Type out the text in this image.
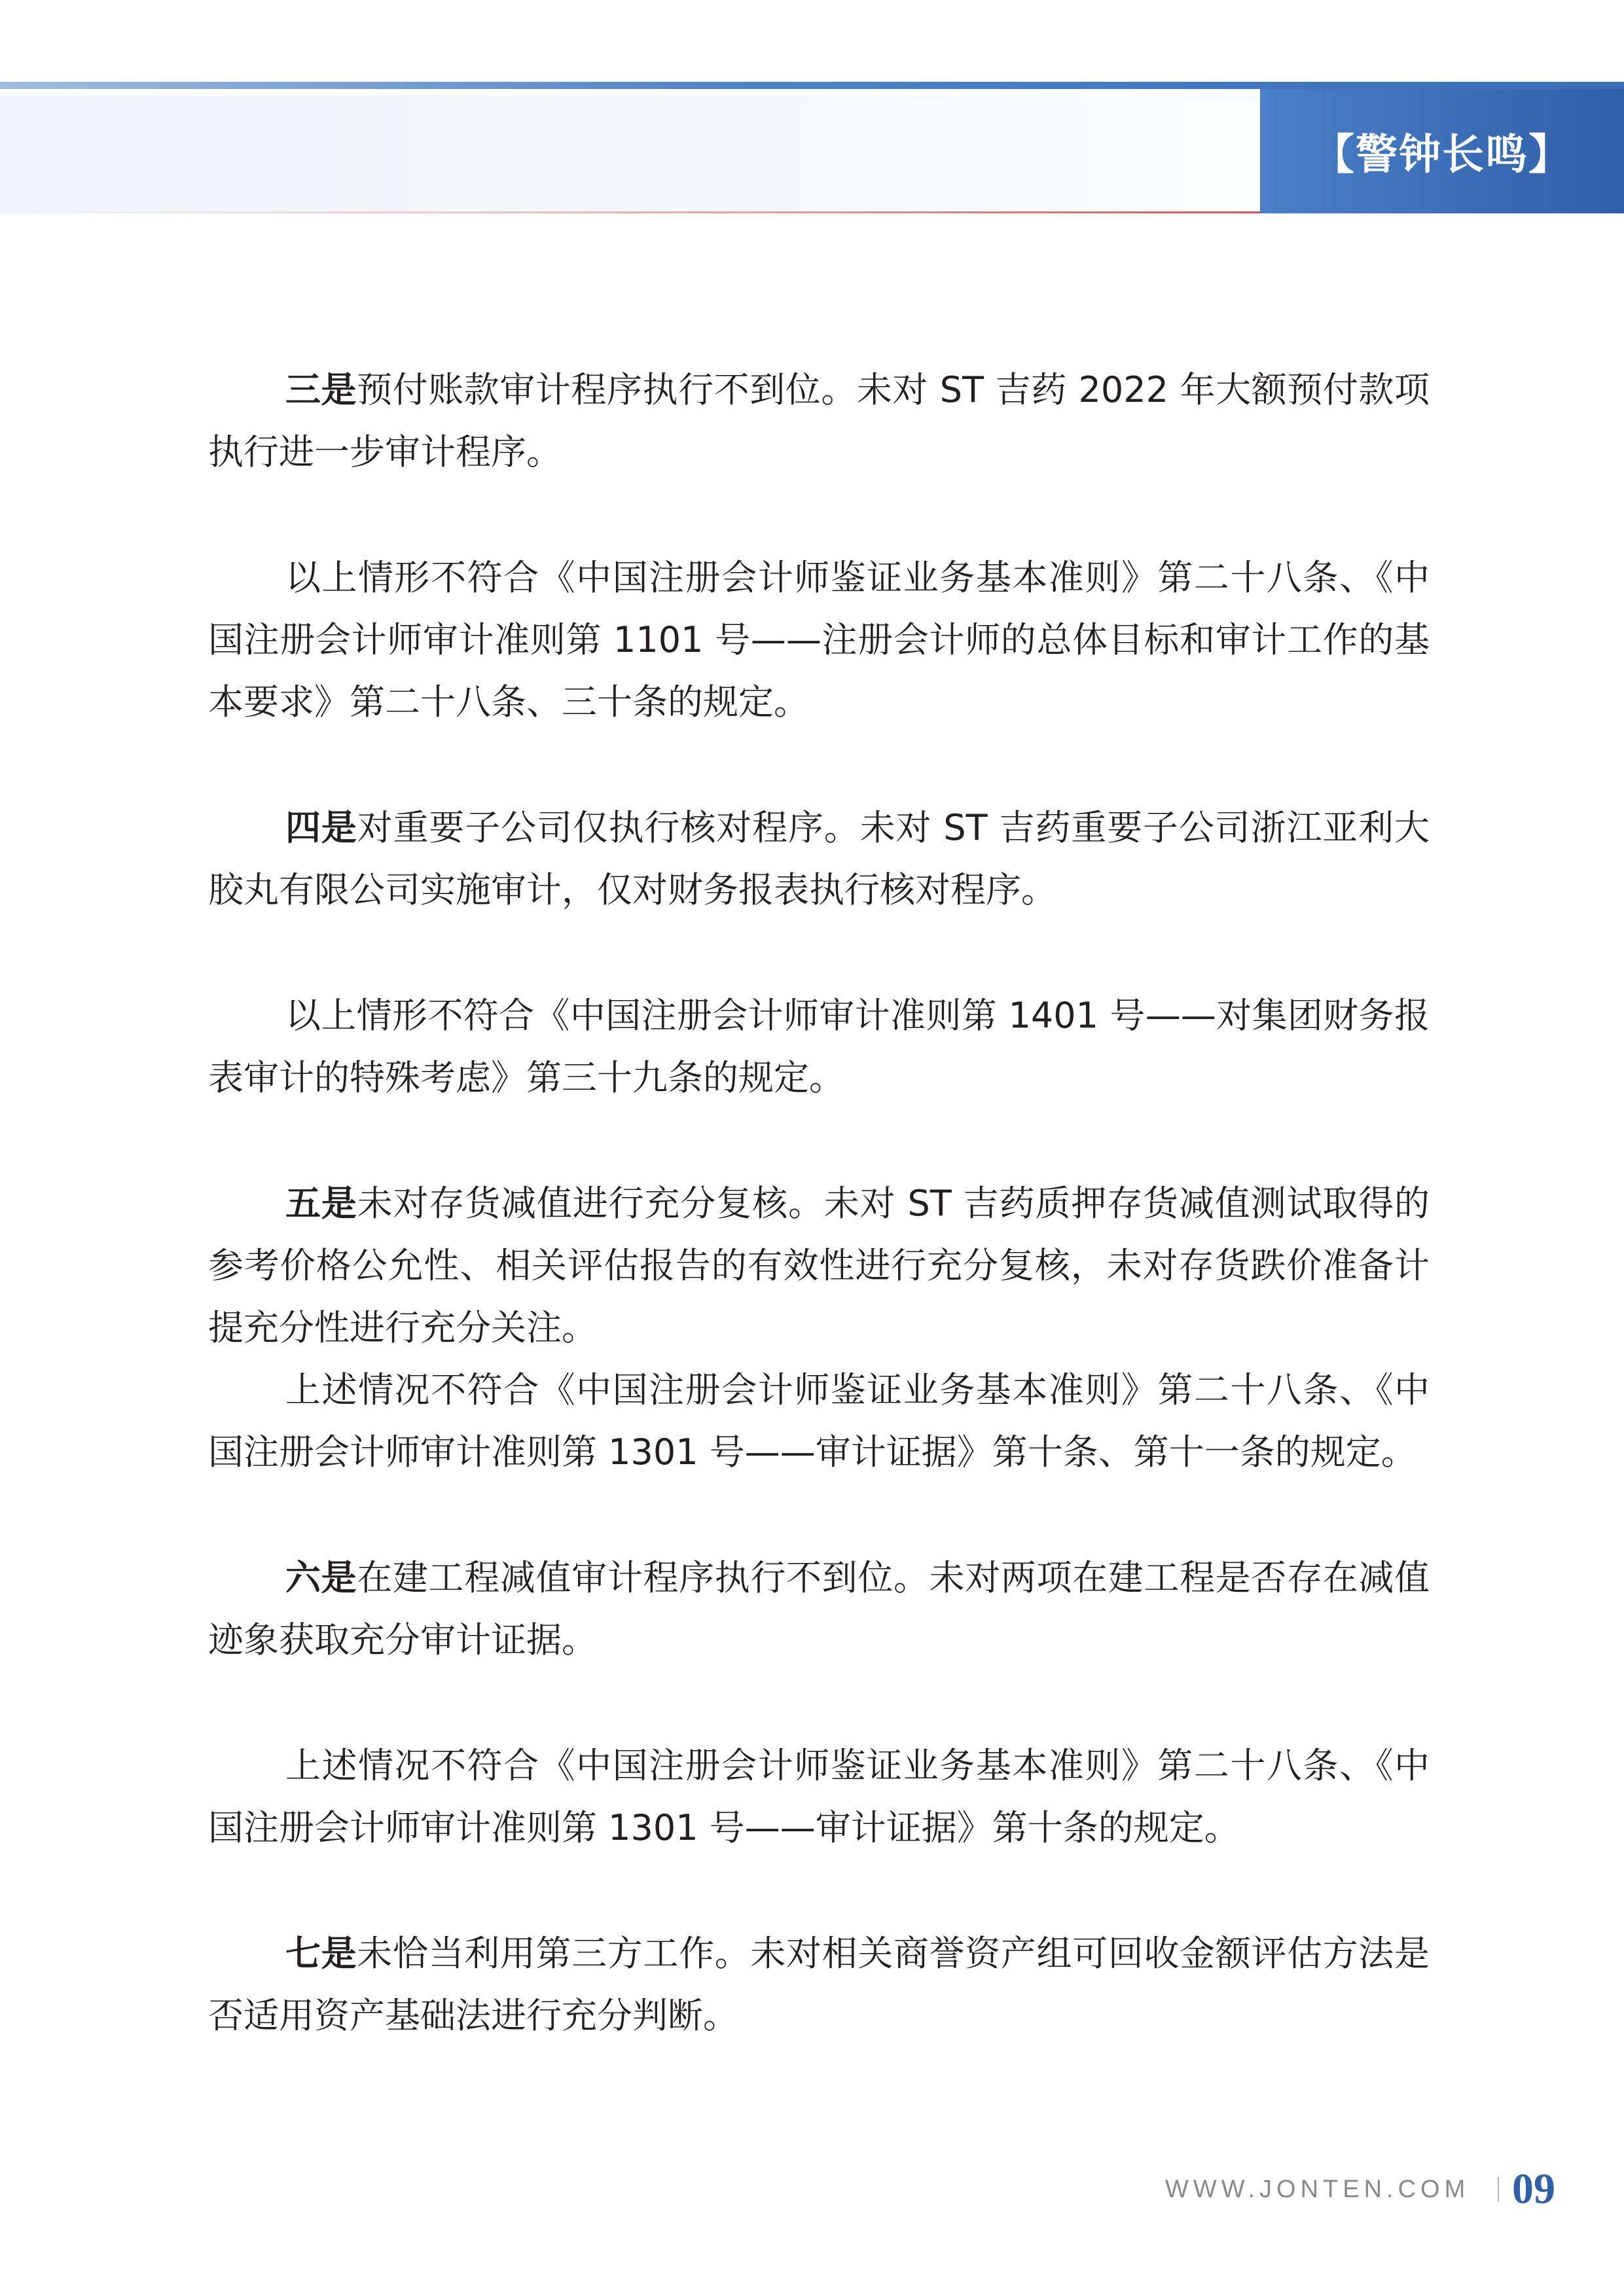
【警钟长鸣】

三是预付账款审计程序执行不到位。未对 ST 吉药 2022 年大额预付款项执行进一步审计程序。

以上情形不符合《中国注册会计师鉴证业务基本准则》第二十八条、《中国注册会计师审计准则第 1101 号——注册会计师的总体目标和审计工作的基本要求》第二十八条、三十条的规定。

四是对重要子公司仅执行核对程序。未对 ST 吉药重要子公司浙江亚利大胶丸有限公司实施审计，仅对财务报表执行核对程序。

以上情形不符合《中国注册会计师审计准则第 1401 号——对集团财务报表审计的特殊考虑》第三十九条的规定。

五是未对存货减值进行充分复核。未对 ST 吉药质押存货减值测试取得的参考价格公允性、相关评估报告的有效性进行充分复核，未对存货跌价准备计提充分性进行充分关注。

上述情况不符合《中国注册会计师鉴证业务基本准则》第二十八条、《中国注册会计师审计准则第 1301 号——审计证据》第十条、第十一条的规定。

六是在建工程减值审计程序执行不到位。未对两项在建工程是否存在减值迹象获取充分审计证据。

上述情况不符合《中国注册会计师鉴证业务基本准则》第二十八条、《中国注册会计师审计准则第 1301 号——审计证据》第十条的规定。

七是未恰当利用第三方工作。未对相关商誉资产组可回收金额评估方法是否适用资产基础法进行充分判断。

WWW.JONTEN.COM 09
